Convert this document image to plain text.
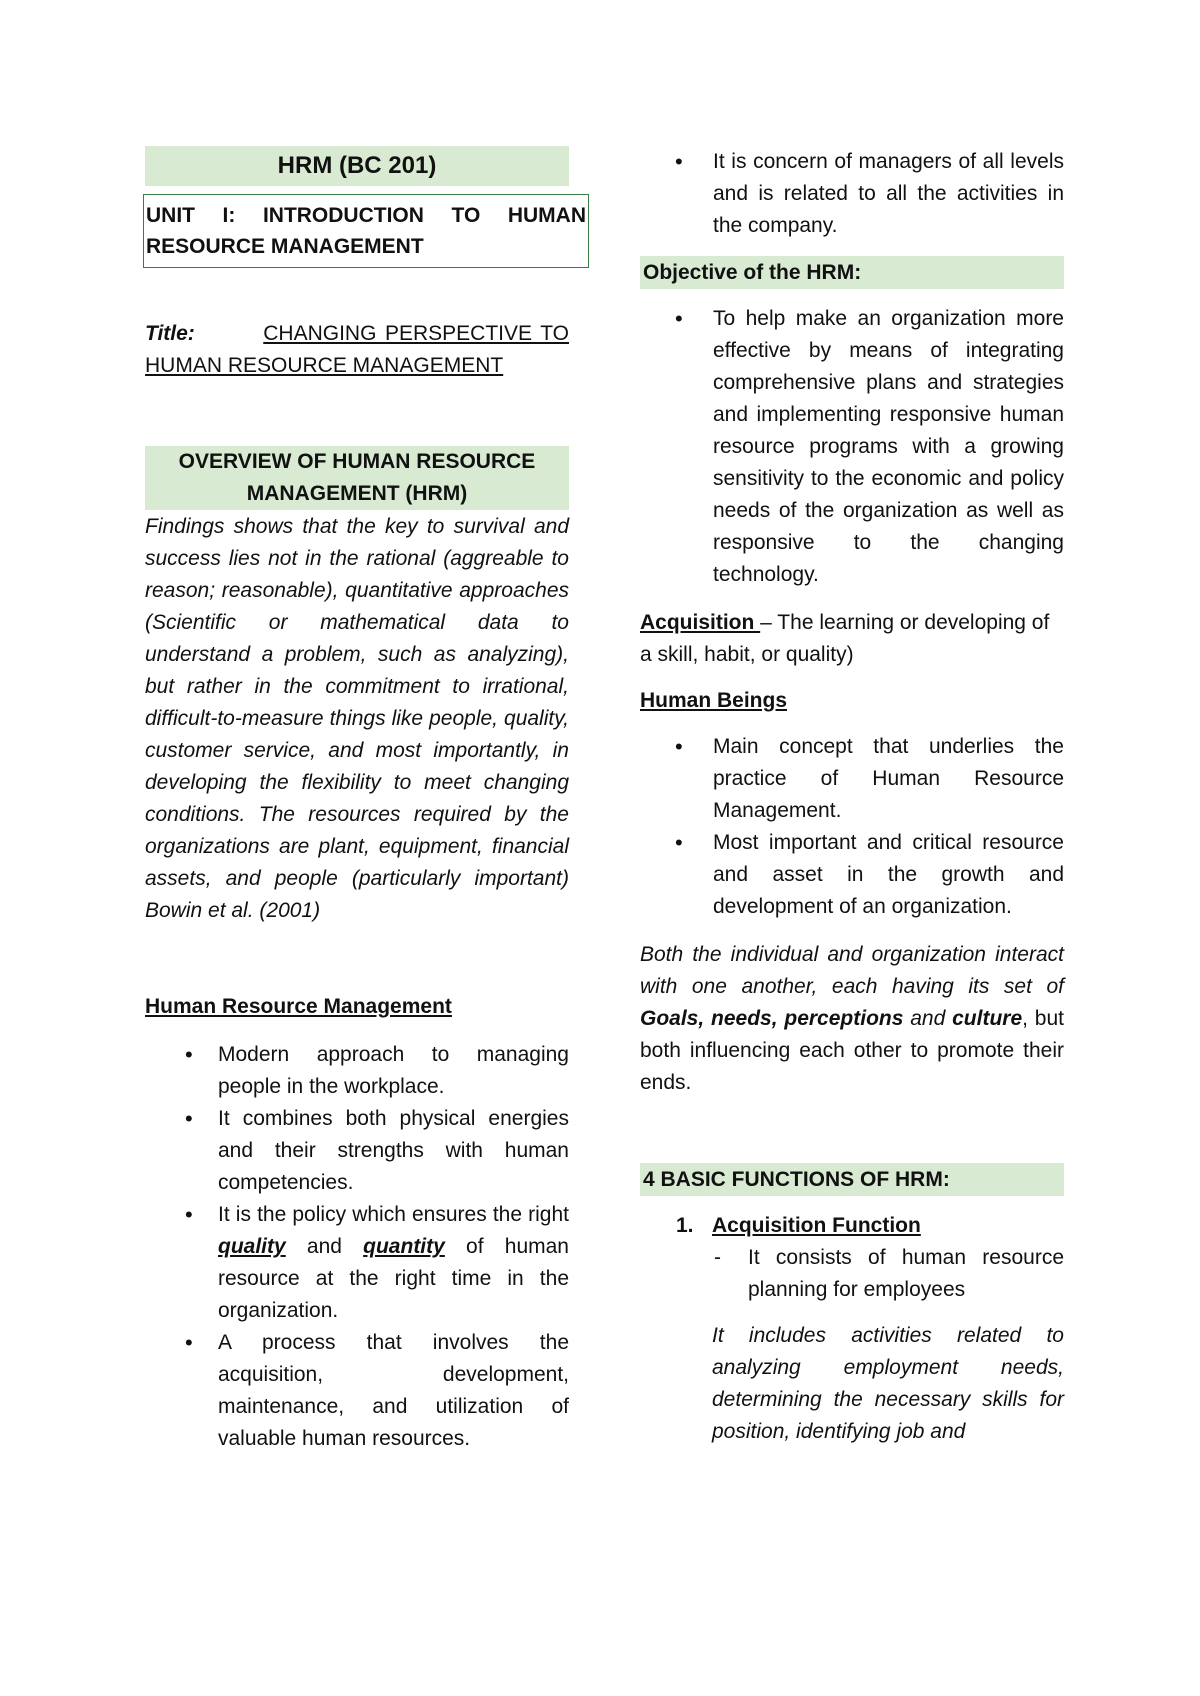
HRM (BC 201)
UNIT I: INTRODUCTION TO HUMAN RESOURCE MANAGEMENT

Title:	CHANGING PERSPECTIVE TO HUMAN RESOURCE MANAGEMENT

OVERVIEW OF HUMAN RESOURCE MANAGEMENT (HRM)

Findings shows that the key to survival and success lies not in the rational (aggreable to reason; reasonable), quantitative approaches (Scientific or mathematical data to understand a problem, such as analyzing), but rather in the commitment to irrational, difficult-to-measure things like people, quality, customer service, and most importantly, in developing the flexibility to meet changing conditions. The resources required by the organizations are plant, equipment, financial assets, and people (particularly important) Bowin et al. (2001)

Human Resource Management

• Modern approach to managing people in the workplace.
• It combines both physical energies and their strengths with human competencies.
• It is the policy which ensures the right quality and quantity of human resource at the right time in the organization.
• A process that involves the acquisition, development, maintenance, and utilization of valuable human resources.
• It is concern of managers of all levels and is related to all the activities in the company.
Objective of the HRM:
• To help make an organization more effective by means of integrating comprehensive plans and strategies and implementing responsive human resource programs with a growing sensitivity to the economic and policy needs of the organization as well as responsive to the changing technology.

Acquisition – The learning or developing of a skill, habit, or quality)

Human Beings

• Main concept that underlies the practice of Human Resource Management.
• Most important and critical resource and asset in the growth and development of an organization.

Both the individual and organization interact with one another, each having its set of Goals, needs, perceptions and culture, but both influencing each other to promote their ends.

4 BASIC FUNCTIONS OF HRM:
1. Acquisition Function
- It consists of human resource planning for employees

It includes activities related to analyzing employment needs, determining the necessary skills for position, identifying job and
